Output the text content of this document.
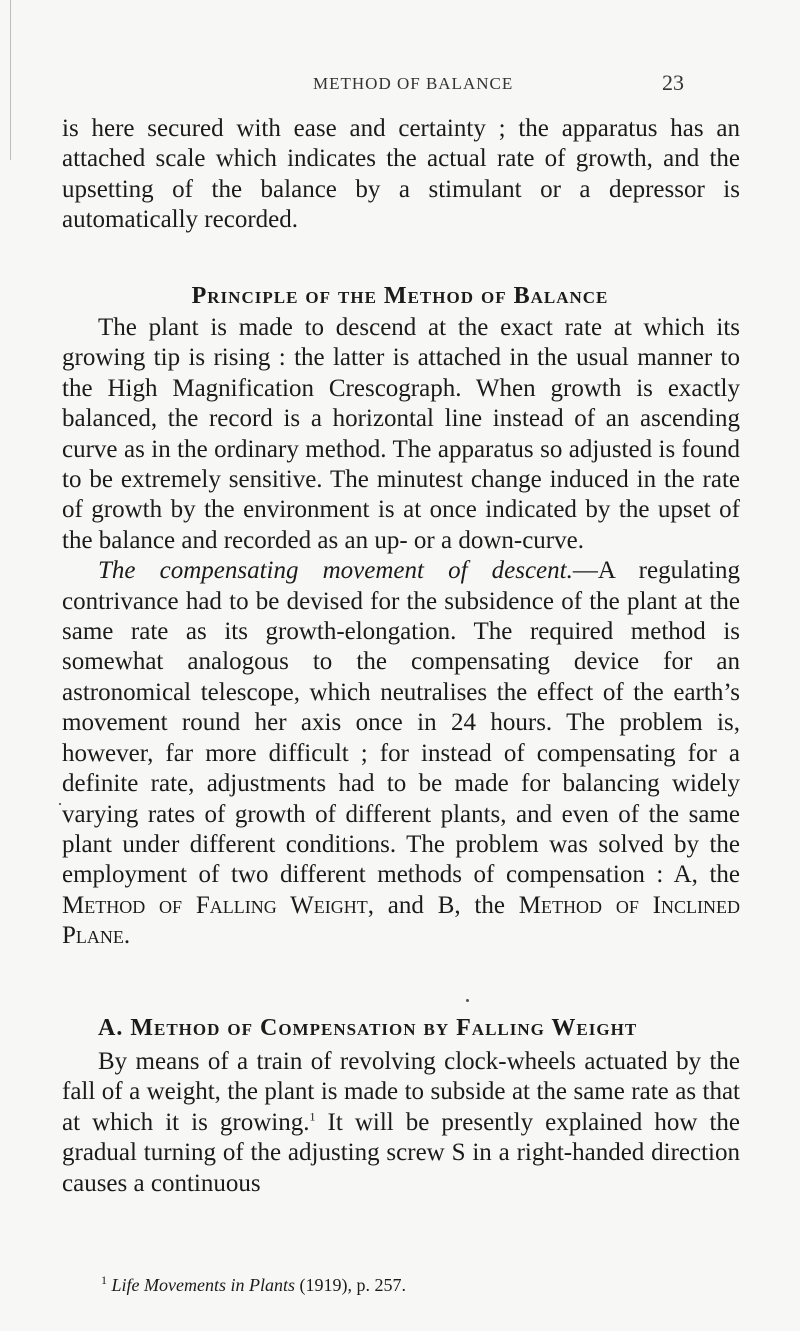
METHOD OF BALANCE	23

is here secured with ease and certainty ; the apparatus has an attached scale which indicates the actual rate of growth, and the upsetting of the balance by a stimulant or a depressor is automatically recorded.

Principle of the Method of Balance
The plant is made to descend at the exact rate at which its growing tip is rising : the latter is attached in the usual manner to the High Magnification Crescograph. When growth is exactly balanced, the record is a horizontal line instead of an ascending curve as in the ordinary method. The apparatus so adjusted is found to be extremely sensitive. The minutest change induced in the rate of growth by the environment is at once indicated by the upset of the balance and recorded as an up- or a down-curve.
The compensating movement of descent.—A regulating contrivance had to be devised for the subsidence of the plant at the same rate as its growth-elongation. The required method is somewhat analogous to the compensating device for an astronomical telescope, which neutralises the effect of the earth’s movement round her axis once in 24 hours. The problem is, however, far more difficult ; for instead of compensating for a definite rate, adjustments had to be made for balancing widely varying rates of growth of different plants, and even of the same plant under different conditions. The problem was solved by the employment of two different methods of compensation : A, the Method of Falling Weight, and B, the Method of Inclined Plane.
A. Method of Compensation by Falling Weight

By means of a train of revolving clock-wheels actuated by the fall of a weight, the plant is made to subside at the same rate as that at which it is growing.$^1$ It will be presently explained how the gradual turning of the adjusting screw S in a right-handed direction causes a continuous

$^1$ Life Movements in Plants (1919), p. 257.
